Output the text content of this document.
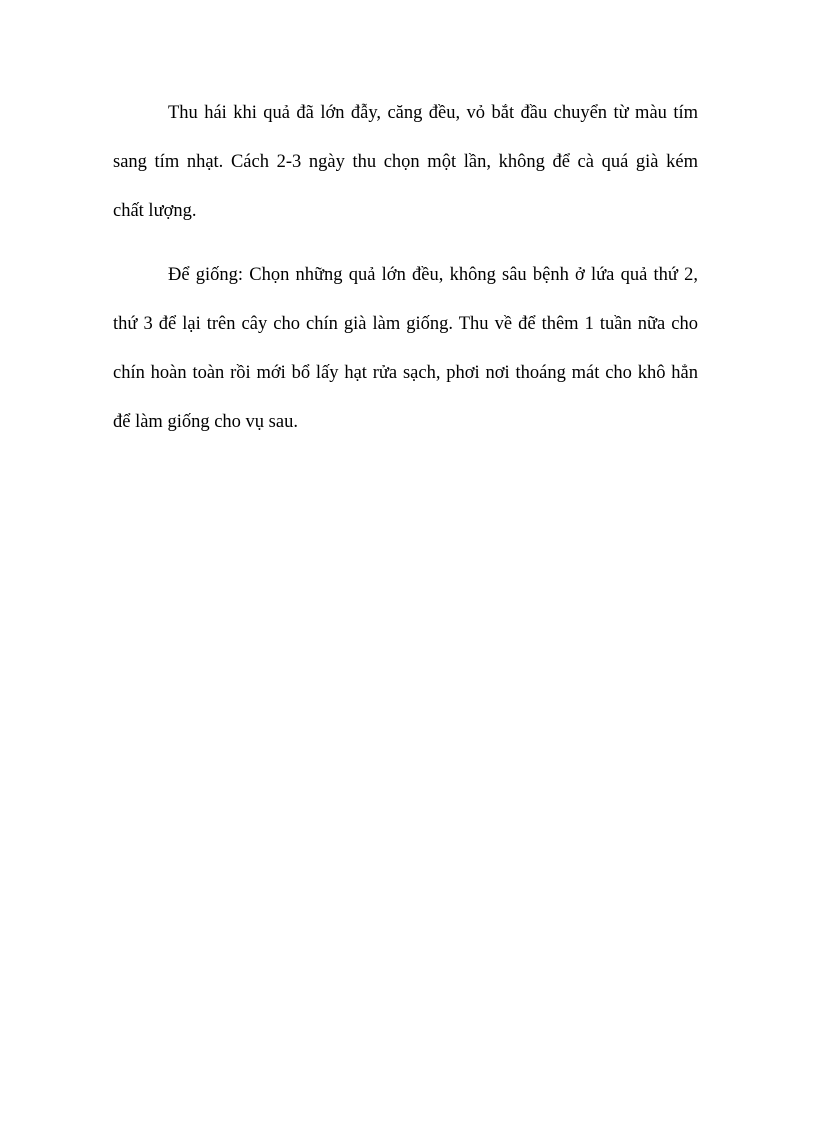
Thu hái khi quả đã lớn đẫy, căng đều, vỏ bắt đầu chuyển từ màu tím
sang tím nhạt. Cách 2-3 ngày thu chọn một lần, không để cà quá già kém
chất lượng.

Để giống: Chọn những quả lớn đều, không sâu bệnh ở lứa quả thứ 2,
thứ 3 để lại trên cây cho chín già làm giống. Thu về để thêm 1 tuần nữa cho
chín hoàn toàn rồi mới bổ lấy hạt rửa sạch, phơi nơi thoáng mát cho khô hẳn
để làm giống cho vụ sau.
